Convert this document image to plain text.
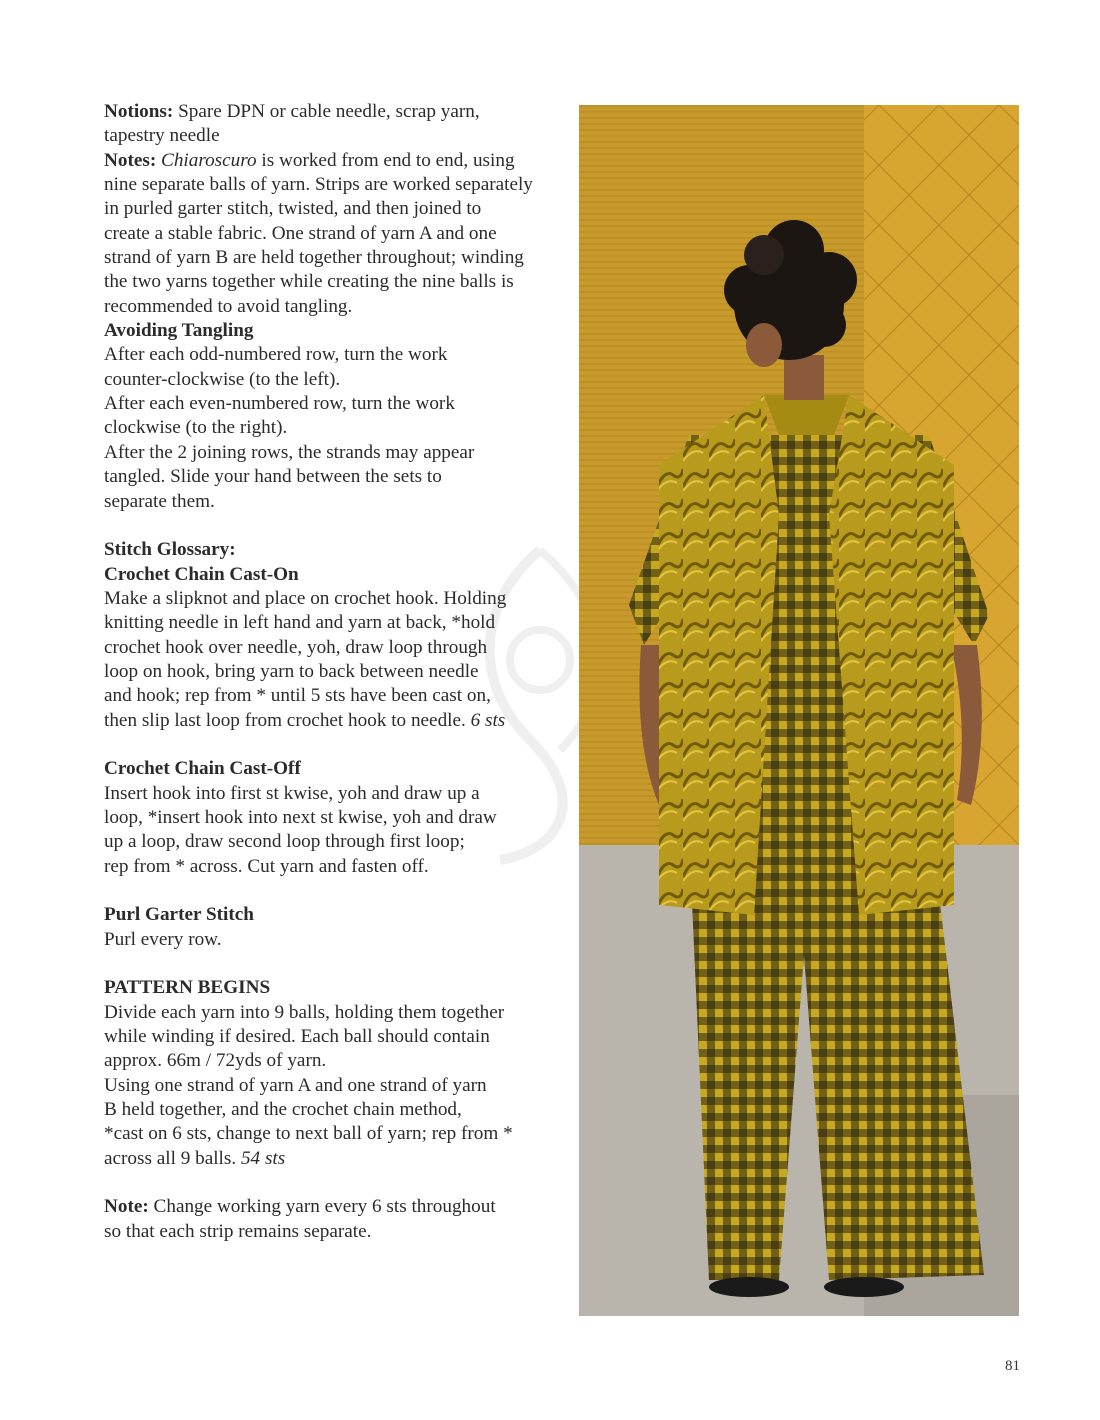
Notions: Spare DPN or cable needle, scrap yarn,

tapestry needle

Notes: Chiaroscuro is worked from end to end, using

nine separate balls of yarn. Strips are worked separately

in purled garter stitch, twisted, and then joined to

create a stable fabric. One strand of yarn A and one

strand of yarn B are held together throughout; winding

the two yarns together while creating the nine balls is

recommended to avoid tangling.

Avoiding Tangling

After each odd-numbered row, turn the work

counter-clockwise (to the left).

After each even-numbered row, turn the work

clockwise (to the right).

After the 2 joining rows, the strands may appear

tangled. Slide your hand between the sets to

separate them.

Stitch Glossary:

Crochet Chain Cast-On

Make a slipknot and place on crochet hook. Holding

knitting needle in left hand and yarn at back, *hold

crochet hook over needle, yoh, draw loop through

loop on hook, bring yarn to back between needle

and hook; rep from * until 5 sts have been cast on,

then slip last loop from crochet hook to needle. 6 sts

Crochet Chain Cast-Off

Insert hook into first st kwise, yoh and draw up a

loop, *insert hook into next st kwise, yoh and draw

up a loop, draw second loop through first loop;

rep from * across. Cut yarn and fasten off.

Purl Garter Stitch

Purl every row.

PATTERN BEGINS

Divide each yarn into 9 balls, holding them together

while winding if desired. Each ball should contain

approx. 66m / 72yds of yarn.

Using one strand of yarn A and one strand of yarn

B held together, and the crochet chain method,

*cast on 6 sts, change to next ball of yarn; rep from *

across all 9 balls. 54 sts

Note: Change working yarn every 6 sts throughout

so that each strip remains separate.

81
